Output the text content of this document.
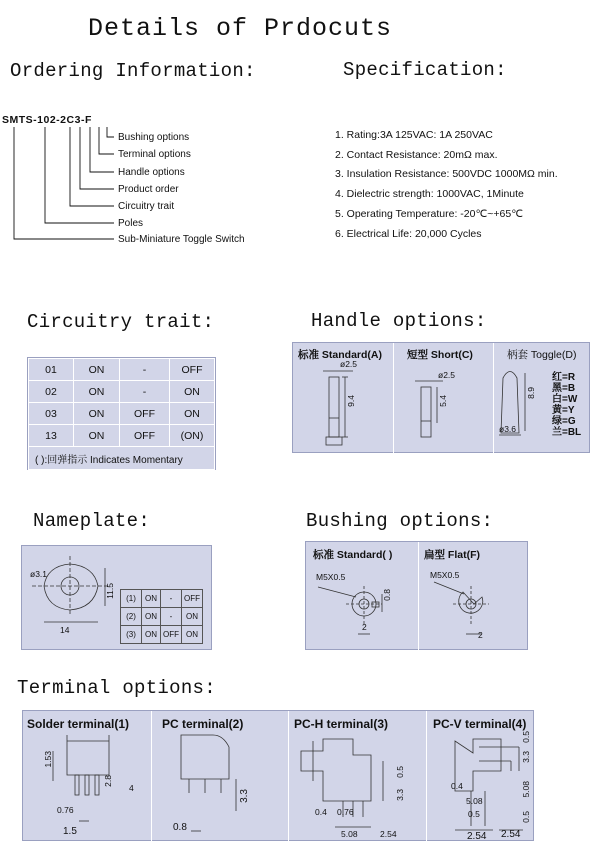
Details of Prdocuts
Ordering Information:	Specification:
Circuitry trait:	Handle options:
Nameplate:	Bushing options:
Terminal options:
SMTS-102-2C3-F
Bushing options
Terminal options
Handle options
Product order
Circuitry trait
Poles
Sub-Miniature Toggle Switch
1. Rating:3A 125VAC: 1A 250VAC
2. Contact Resistance: 20mΩ max.
3. Insulation Resistance: 500VDC 1000MΩ min.
4. Dielectric strength: 1000VAC, 1Minute
5. Operating Temperature: -20℃~+65℃
6. Electrical Life: 20,000 Cycles
01	ON	-	OFF
02	ON	-	ON
03	ON	OFF	ON
13	ON	OFF	(ON)
( ):回弹指示 Indicates Momentary			
标准 Standard(A) 短型 Short(C)	柄套 Toggle(D)
ø2.5
9.4
ø2.5
5.4
8.9
ø3.6
红=R
黑=B
白=W
黄=Y
绿=G
兰=BL
ø3.1
14
11.5 (1)	ON	-	OFF
(2)	ON	-	ON
(3)	ON	OFF	ON
标准 Standard( )	扁型 Flat(F)
M5X0.5
0.8
2
M5X0.5
2
Solder terminal(1)	PC terminal(2)	PC-H terminal(3)	PC-V terminal(4)
1.53
2.8
4
0.76
1.5
3.3
0.8
0.5
3.3
0.4 0.76
5.08	2.54
0.5
3.3
0.4
5.08
5.08
0.5	0.5
2.54 2.54
